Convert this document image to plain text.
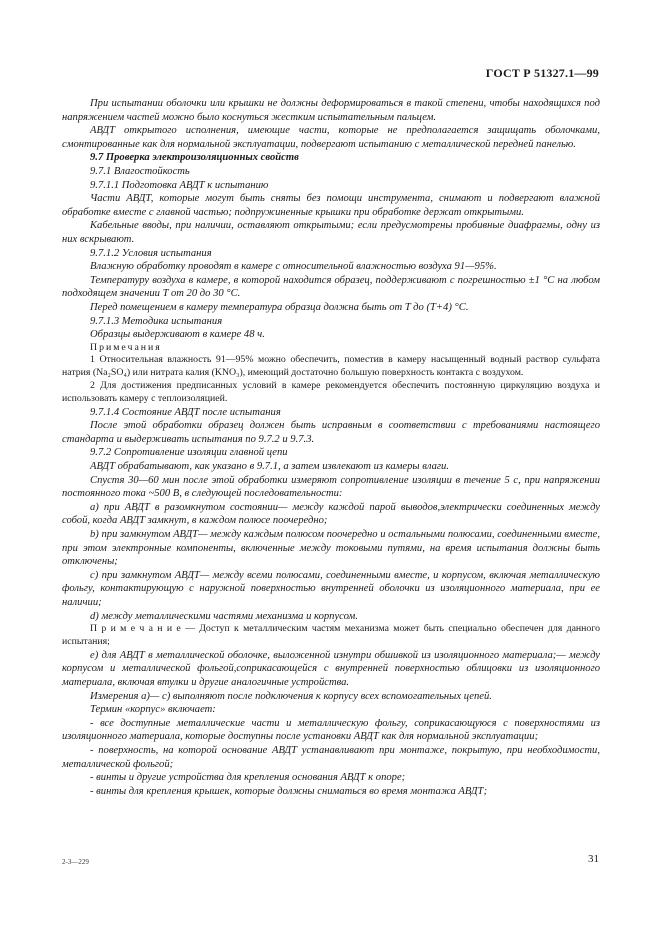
ГОСТ Р 51327.1—99

При испытании оболочки или крышки не должны деформироваться в такой степени, чтобы находящихся под напряжением частей можно было коснуться жестким испытательным пальцем.

АВДТ открытого исполнения, имеющие части, которые не предполагается защищать оболочками, смонтированные как для нормальной эксплуатации, подвергают испытанию с металлической передней панелью.

9.7 Проверка электроизоляционных свойств

9.7.1 Влагостойкость

9.7.1.1 Подготовка АВДТ к испытанию

Части АВДТ, которые могут быть сняты без помощи инструмента, снимают и подвергают влажной обработке вместе с главной частью; подпружиненные крышки при обработке держат открытыми.

Кабельные вводы, при наличии, оставляют открытыми; если предусмотрены пробивные диафрагмы, одну из них вскрывают.

9.7.1.2 Условия испытания

Влажную обработку проводят в камере с относительной влажностью воздуха 91—95%.

Температуру воздуха в камере, в которой находится образец, поддерживают с погрешностью ±1 °С на любом подходящем значении T от 20 до 30 °С.

Перед помещением в камеру температура образца должна быть от T до (T+4) °С.

9.7.1.3 Методика испытания

Образцы выдерживают в камере 48 ч.

Примечания

1 Относительная влажность 91—95% можно обеспечить, поместив в камеру насыщенный водный раствор сульфата натрия (Na₂SO₄) или нитрата калия (KNO₃), имеющий достаточно большую поверхность контакта с воздухом.

2 Для достижения предписанных условий в камере рекомендуется обеспечить постоянную циркуляцию воздуха и использовать камеру с теплоизоляцией.

9.7.1.4 Состояние АВДТ после испытания

После этой обработки образец должен быть исправным в соответствии с требованиями настоящего стандарта и выдерживать испытания по 9.7.2 и 9.7.3.

9.7.2 Сопротивление изоляции главной цепи

АВДТ обрабатывают, как указано в 9.7.1, а затем извлекают из камеры влаги.

Спустя 30—60 мин после этой обработки измеряют сопротивление изоляции в течение 5 с, при напряжении постоянного тока ~500 В, в следующей последовательности:

a) при АВДТ в разомкнутом состоянии— между каждой парой выводов,электрически соединенных между собой, когда АВДТ замкнут, в каждом полюсе поочередно;

b) при замкнутом АВДТ— между каждым полюсом поочередно и остальными полюсами, соединенными вместе, при этом электронные компоненты, включенные между токовыми путями, на время испытания должны быть отключены;

c) при замкнутом АВДТ— между всеми полюсами, соединенными вместе, и корпусом, включая металлическую фольгу, контактирующую с наружной поверхностью внутренней оболочки из изоляционного материала, при ее наличии;

d) между металлическими частями механизма и корпусом.

П р и м е ч а н и е — Доступ к металлическим частям механизма может быть специально обеспечен для данного испытания;

e) для АВДТ в металлической оболочке, выложенной изнутри обшивкой из изоляционного материала;— между корпусом и металлической фольгой,соприкасающейся с внутренней поверхностью облицовки из изоляционного материала, включая втулки и другие аналогичные устройства.

Измерения а)— с) выполняют после подключения к корпусу всех вспомогательных цепей.

Термин «корпус» включает:

- все доступные металлические части и металлическую фольгу, соприкасающуюся с поверхностями из изоляционного материала, которые доступны после установки АВДТ как для нормальной эксплуатации;

- поверхность, на которой основание АВДТ устанавливают при монтаже, покрытую, при необходимости, металлической фольгой;

- винты и другие устройства для крепления основания АВДТ к опоре;

- винты для крепления крышек, которые должны сниматься во время монтажа АВДТ;

2-3—229	31
